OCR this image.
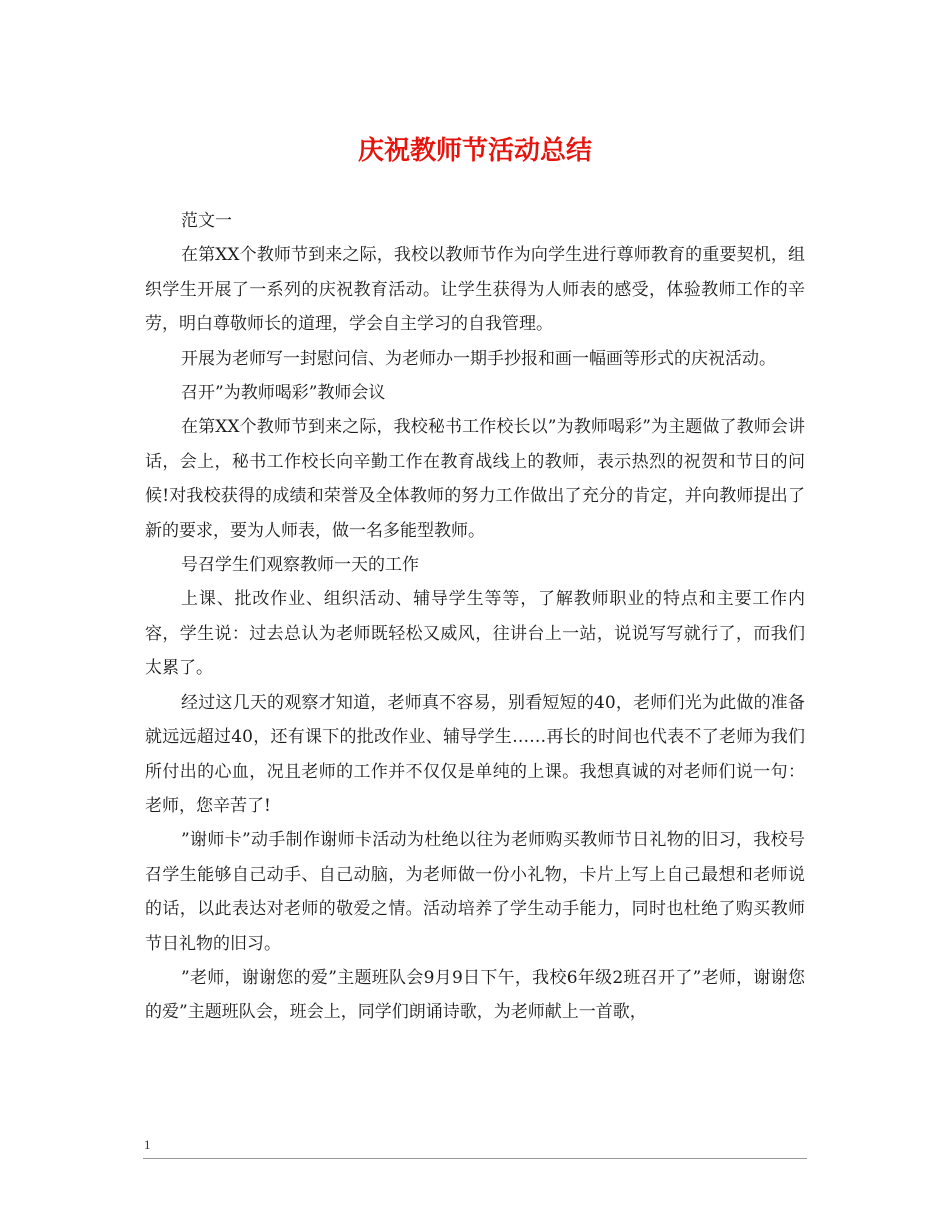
庆祝教师节活动总结

范文一

在第XX个教师节到来之际，我校以教师节作为向学生进行尊师教育的重要契机，组织学生开展了一系列的庆祝教育活动。让学生获得为人师表的感受，体验教师工作的辛劳，明白尊敬师长的道理，学会自主学习的自我管理。

开展为老师写一封慰问信、为老师办一期手抄报和画一幅画等形式的庆祝活动。

召开”为教师喝彩”教师会议

在第XX个教师节到来之际，我校秘书工作校长以”为教师喝彩”为主题做了教师会讲话，会上，秘书工作校长向辛勤工作在教育战线上的教师，表示热烈的祝贺和节日的问候!对我校获得的成绩和荣誉及全体教师的努力工作做出了充分的肯定，并向教师提出了新的要求，要为人师表，做一名多能型教师。

号召学生们观察教师一天的工作

上课、批改作业、组织活动、辅导学生等等，了解教师职业的特点和主要工作内容，学生说：过去总认为老师既轻松又威风，往讲台上一站，说说写写就行了，而我们太累了。

经过这几天的观察才知道，老师真不容易，别看短短的40，老师们光为此做的准备就远远超过40，还有课下的批改作业、辅导学生……再长的时间也代表不了老师为我们所付出的心血，况且老师的工作并不仅仅是单纯的上课。我想真诚的对老师们说一句：老师，您辛苦了!

”谢师卡”动手制作谢师卡活动为杜绝以往为老师购买教师节日礼物的旧习，我校号召学生能够自己动手、自己动脑，为老师做一份小礼物，卡片上写上自己最想和老师说的话，以此表达对老师的敬爱之情。活动培养了学生动手能力，同时也杜绝了购买教师节日礼物的旧习。

”老师，谢谢您的爱”主题班队会9月9日下午，我校6年级2班召开了”老师，谢谢您的爱”主题班队会，班会上，同学们朗诵诗歌，为老师献上一首歌，

1
